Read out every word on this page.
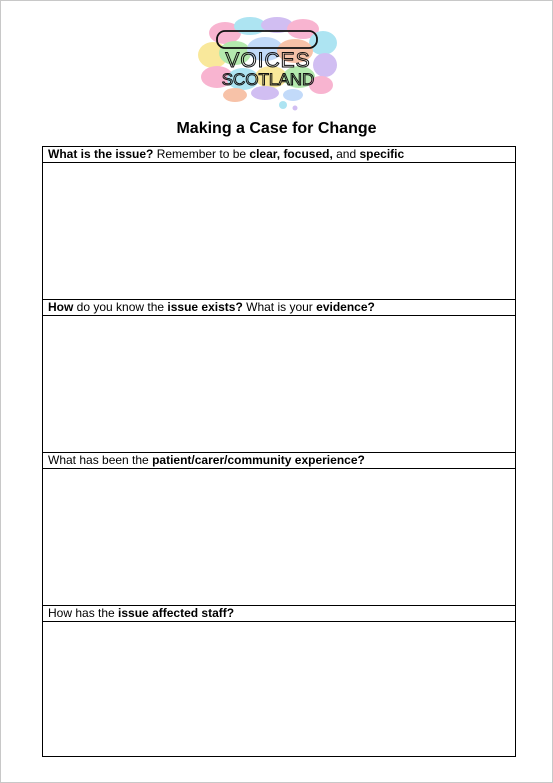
VOICES
SCOTLAND
Making a Case for Change
What is the issue? Remember to be clear, focused, and specific
How do you know the issue exists? What is your evidence?
What has been the patient/carer/community experience?
How has the issue affected staff?
